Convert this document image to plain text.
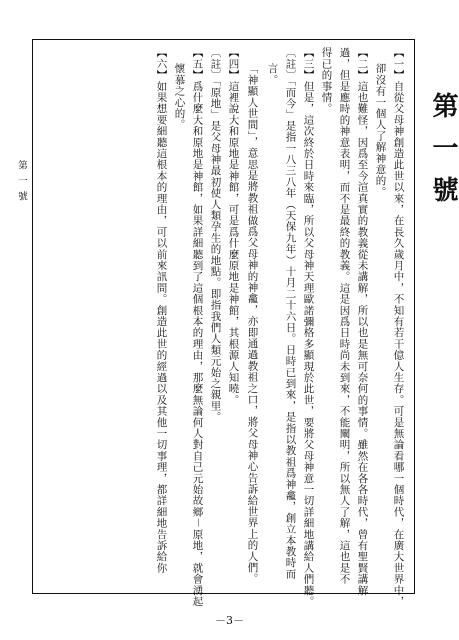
第一號
第一號	【一】自從父母神創造此世以來，在長久歲月中，不知有若干億人生存。可是無論看哪一個時代，在廣大世界中，
卻沒有一個人了解神意的。
【二】這也難怪，因爲至今渲真實的教義從未講解，所以也是無可奈何的事情。雖然在各各時代，曾有聖賢講解
過，但是應時的神意表明，而不是最終的教義。這是因爲日時尚未到來，不能闡明，所以無人了解，這也是不
得已的事情。
【三】但是，這次終於日時來臨，所以父母神天理歐諾彌格多顯現於此世，要將父母神意一切詳細地講給人們聽。
〔註〕「而今」是指一八三八年（天保九年）十月二十六日。日時已到來，是指以教祖爲神龕，創立本教時而
言。
「神顯人世間」，意思是將教祖做爲父母神的神龕，亦即通過教祖之口，將父母神心告訴給世界上的人們。
【四】這裡說大和原地是神館，可是爲什麼原地是神館，其根源人知曉。
〔註〕「原地」是父母神最初使人類孕生的地點。即指我們人類元始之親里。
【五】爲什麼大和原地是神館，如果詳細聽到了這個根本的理由，那麼無論何人對自己元始故鄉－原地，就會湧起
懷慕之心的。
【六】如果想要細聽這根本的理由，可以前來訊問。創造此世的經過以及其他一切事理，都詳細地告訴給你
－3－
